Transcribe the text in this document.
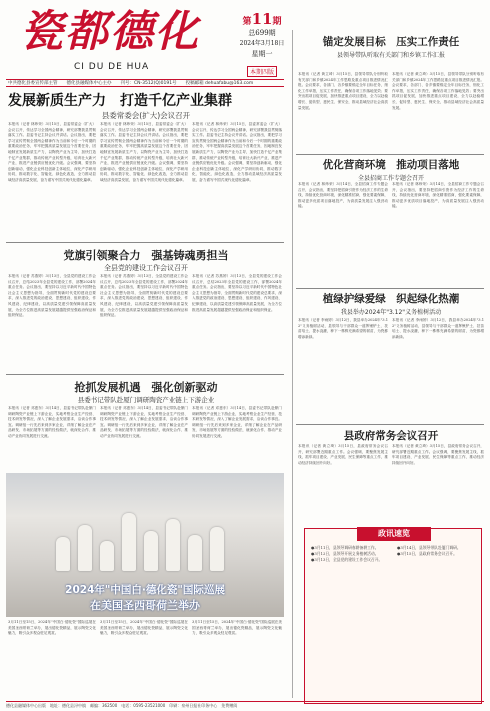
瓷都德化
CI DU DE HUA
第11期
总699期
2024年3月18日
星期一
本期四版
中共德化县委宣传部主管　　德化县融媒体中心主办　　刊号：CN-3512(Q)0191号　　投稿邮箱 dehuafabu@163.com
发展新质生产力　 打造千亿产业集群
县委常委会(扩大)会议召开
本报讯（记者 林炜荣）3月15日，县委常委会（扩大）会议召开，传达学习全国两会精神，研究部署我县贯彻落实工作。县委书记主持会议并讲话。会议指出，要把学习宣传贯彻全国两会精神作为当前和今后一个时期的重要政治任务，牢牢把握高质量发展这个首要任务，因地制宜发展新质生产力，以陶瓷产业为主导，加快打造千亿产业集群，推动传统产业转型升级，培育壮大新兴产业，推进产业链供应链优化升级。会议强调，要坚持创新驱动，强化企业科技创新主体地位，深化产学研用协同，推动数字化、智能化、绿色化改造，全力推动县域经济高质量发展，奋力谱写中国式现代化德化篇章。
本报讯（记者 林炜荣）3月15日，县委常委会（扩大）会议召开，传达学习全国两会精神，研究部署我县贯彻落实工作。县委书记主持会议并讲话。会议指出，要把学习宣传贯彻全国两会精神作为当前和今后一个时期的重要政治任务，牢牢把握高质量发展这个首要任务，因地制宜发展新质生产力，以陶瓷产业为主导，加快打造千亿产业集群，推动传统产业转型升级，培育壮大新兴产业，推进产业链供应链优化升级。会议强调，要坚持创新驱动，强化企业科技创新主体地位，深化产学研用协同，推动数字化、智能化、绿色化改造，全力推动县域经济高质量发展，奋力谱写中国式现代化德化篇章。
本报讯（记者 林炜荣）3月15日，县委常委会（扩大）会议召开，传达学习全国两会精神，研究部署我县贯彻落实工作。县委书记主持会议并讲话。会议指出，要把学习宣传贯彻全国两会精神作为当前和今后一个时期的重要政治任务，牢牢把握高质量发展这个首要任务，因地制宜发展新质生产力，以陶瓷产业为主导，加快打造千亿产业集群，推动传统产业转型升级，培育壮大新兴产业，推进产业链供应链优化升级。会议强调，要坚持创新驱动，强化企业科技创新主体地位，深化产学研用协同，推动数字化、智能化、绿色化改造，全力推动县域经济高质量发展，奋力谱写中国式现代化德化篇章。
党旗引领聚合力　强基铸魂勇担当
全县党的建设工作会议召开
本报讯（记者 苏燕婷）3月13日，全县党的建设工作会议召开，总结2023年全县党的建设工作，部署2024年重点任务。会议指出，要坚持以习近平新时代中国特色社会主义思想为指导，全面贯彻新时代党的建设总要求，深入推进党的政治建设、思想建设、组织建设、作风建设、纪律建设，以高质量党建引领保障高质量发展，为全方位推进高质量发展超越提供坚强政治保证和组织保证。
本报讯（记者 苏燕婷）3月13日，全县党的建设工作会议召开，总结2023年全县党的建设工作，部署2024年重点任务。会议指出，要坚持以习近平新时代中国特色社会主义思想为指导，全面贯彻新时代党的建设总要求，深入推进党的政治建设、思想建设、组织建设、作风建设、纪律建设，以高质量党建引领保障高质量发展，为全方位推进高质量发展超越提供坚强政治保证和组织保证。
本报讯（记者 苏燕婷）3月13日，全县党的建设工作会议召开，总结2023年全县党的建设工作，部署2024年重点任务。会议指出，要坚持以习近平新时代中国特色社会主义思想为指导，全面贯彻新时代党的建设总要求，深入推进党的政治建设、思想建设、组织建设、作风建设、纪律建设，以高质量党建引领保障高质量发展，为全方位推进高质量发展超越提供坚强政治保证和组织保证。
抢抓发展机遇　强化创新驱动
县委书记带队赴厦门调研陶瓷产业链上下游企业
本报讯（记者 邓惠东）3月14日，县委书记带队赴厦门调研陶瓷产业链上下游企业，实地考察企业生产经营、技术研发等情况，深入了解企业发展需求，洽谈合作事宜。调研组一行先后来到多家企业，详细了解企业在产品研发、市场拓展等方面的经验做法，就深化合作、推动产业协同发展进行交流。
本报讯（记者 邓惠东）3月14日，县委书记带队赴厦门调研陶瓷产业链上下游企业，实地考察企业生产经营、技术研发等情况，深入了解企业发展需求，洽谈合作事宜。调研组一行先后来到多家企业，详细了解企业在产品研发、市场拓展等方面的经验做法，就深化合作、推动产业协同发展进行交流。
本报讯（记者 邓惠东）3月14日，县委书记带队赴厦门调研陶瓷产业链上下游企业，实地考察企业生产经营、技术研发等情况，深入了解企业发展需求，洽谈合作事宜。调研组一行先后来到多家企业，详细了解企业在产品研发、市场拓展等方面的经验做法，就深化合作、推动产业协同发展进行交流。
2024年"中国白·德化瓷"国际巡展
在美国圣西哥荷兰举办
3月11日至15日，2024年"中国白·德化瓷"国际巡展在美国圣西哥荷兰举办，展出德化瓷精品，展示陶瓷文化魅力，吸引众多观众驻足观赏。
3月11日至15日，2024年"中国白·德化瓷"国际巡展在美国圣西哥荷兰举办，展出德化瓷精品，展示陶瓷文化魅力，吸引众多观众驻足观赏。
3月11日至15日，2024年"中国白·德化瓷"国际巡展在美国圣西哥荷兰举办，展出德化瓷精品，展示陶瓷文化魅力，吸引众多观众驻足观赏。
锚定发展目标　压实工作责任
县领导带队听取有关部门和乡镇工作汇报
本报讯（记者 黄立琦）3月15日，县领导带队分别听取有关部门和乡镇2024年工作思路及重点项目推进情况汇报。会议要求，各部门、各乡镇要锚定全年目标任务，细化工作举措，压实工作责任，确保各项工作落地见效；要突出抓项目促发展，加快推进重点项目建设，全力以赴稳增长、促转型、惠民生、保安全，推动县域经济社会高质量发展。
本报讯（记者 黄立琦）3月15日，县领导带队分别听取有关部门和乡镇2024年工作思路及重点项目推进情况汇报。会议要求，各部门、各乡镇要锚定全年目标任务，细化工作举措，压实工作责任，确保各项工作落地见效；要突出抓项目促发展，加快推进重点项目建设，全力以赴稳增长、促转型、惠民生、保安全，推动县域经济社会高质量发展。
优化营商环境　推动项目落地
全县招商工作专题会召开
本报讯（记者 林炜荣）3月14日，全县招商工作专题会召开，会议指出，要坚持把招商引资作为经济工作的生命线，持续优化营商环境，深化精准招商，强化要素保障，推动更多优质项目落地投产，为高质量发展注入强劲动能。
本报讯（记者 林炜荣）3月14日，全县招商工作专题会召开，会议指出，要坚持把招商引资作为经济工作的生命线，持续优化营商环境，深化精准招商，强化要素保障，推动更多优质项目落地投产，为高质量发展注入强劲动能。
植绿护绿爱绿　织起绿化热潮
我县举办2024年"3.12"义务植树活动
本报讯（记者 李雨婷）3月12日，我县举办2024年"3.12"义务植树活动，县领导与干部群众一道挥锹铲土、扶苗培土、提水浇灌，种下一株株充满希望的树苗，为瓷都增添新绿。
本报讯（记者 李雨婷）3月12日，我县举办2024年"3.12"义务植树活动，县领导与干部群众一道挥锹铲土、扶苗培土、提水浇灌，种下一株株充满希望的树苗，为瓷都增添新绿。
县政府常务会议召开
本报讯（记者 黄立琦）3月15日，县政府常务会议召开，研究部署近期重点工作。会议强调，要聚焦发展主线，抓牢项目建设、产业发展、民生保障等重点工作，推动经济持续回升向好。
本报讯（记者 黄立琦）3月15日，县政府常务会议召开，研究部署近期重点工作。会议强调，要聚焦发展主线，抓牢项目建设、产业发展、民生保障等重点工作，推动经济持续回升向好。
政讯速览
●3月11日，县领导调研春耕备耕工作。
●3月12日，县领导开展义务植树活动。
●3月13日，全县党的建设工作会议召开。
●3月14日，县领导带队赴厦门调研。
●3月15日，县政府常务会议召开。
德化县融媒体中心出版　地址：德化县浔中镇　邮编：362500　电话：0595-23521000　印刷：泉州日报社印务中心　免费赠阅
